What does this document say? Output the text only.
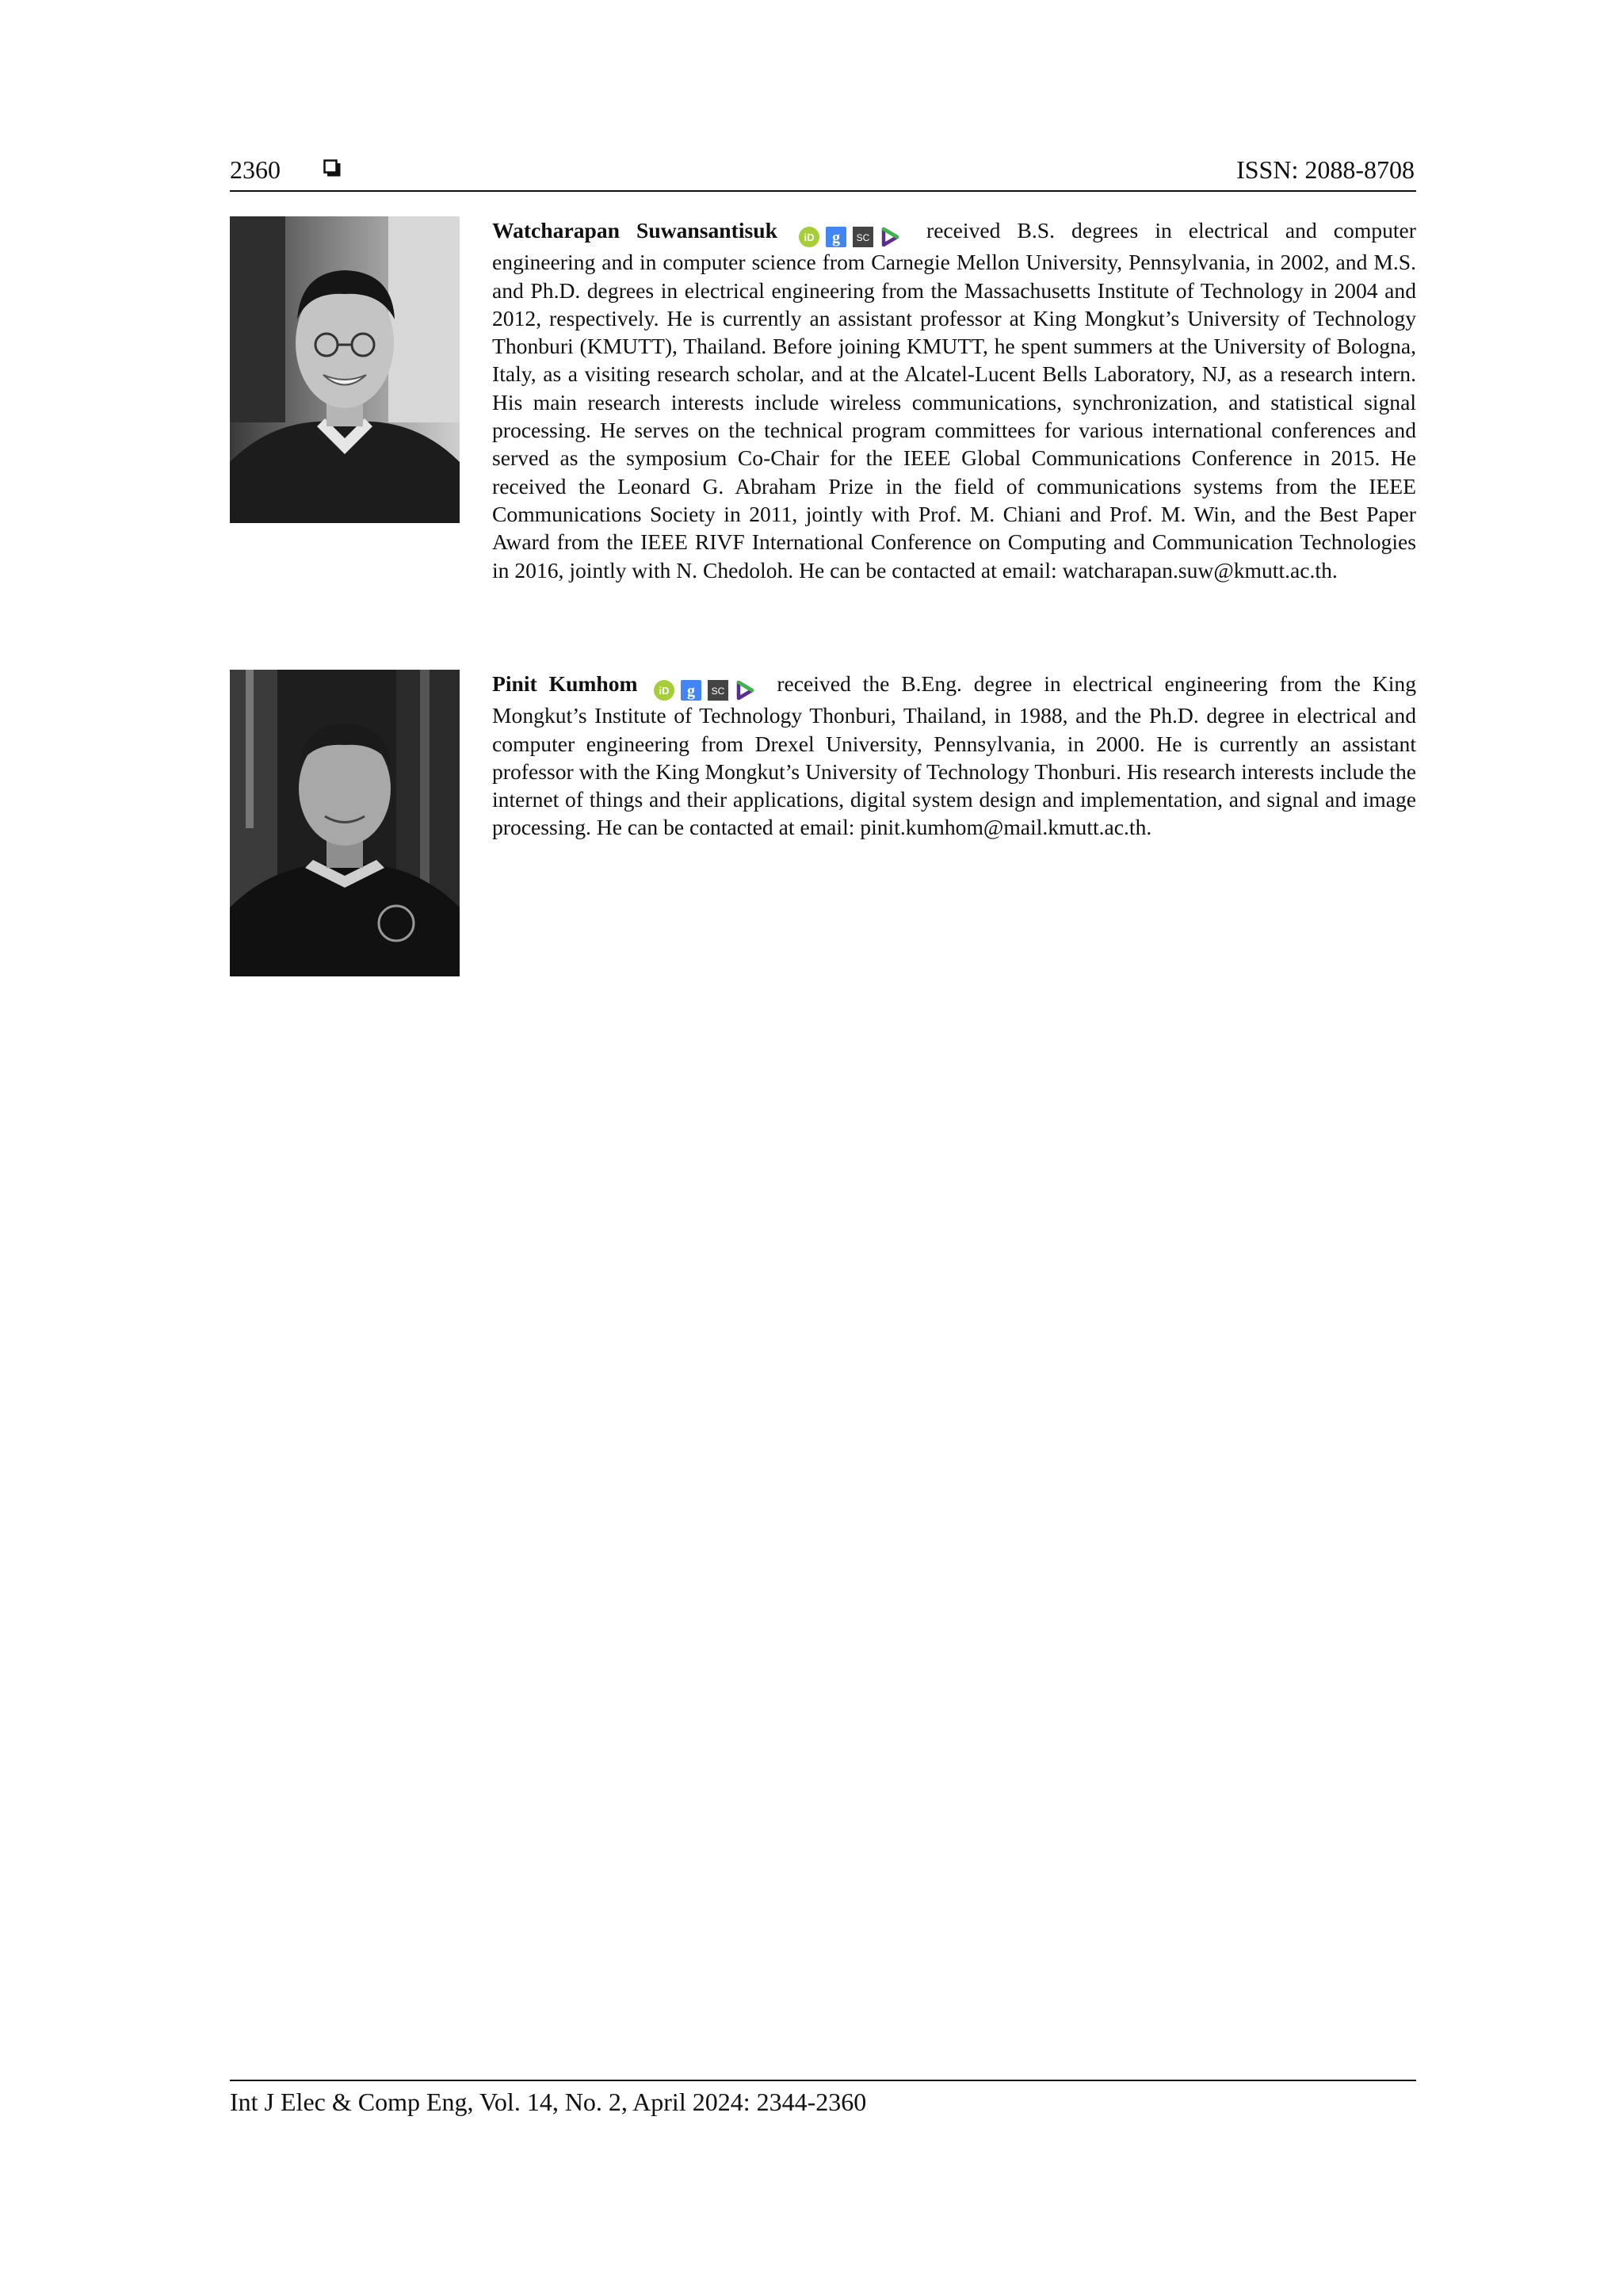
2360	ISSN: 2088-8708

Watcharapan Suwansantisuk	iD g SC	received B.S. degrees in electrical and computer engineering and in computer science from Carnegie Mellon University, Pennsylvania, in 2002, and M.S. and Ph.D. degrees in electrical engineering from the Massachusetts Institute of Technology in 2004 and 2012, respectively. He is currently an assistant professor at King Mongkut’s University of Technology Thonburi (KMUTT), Thailand. Before joining KMUTT, he spent summers at the University of Bologna, Italy, as a visiting research scholar, and at the Alcatel-Lucent Bells Laboratory, NJ, as a research intern. His main research interests include wireless communications, synchronization, and statistical signal processing. He serves on the technical program committees for various international conferences and served as the symposium Co-Chair for the IEEE Global Communications Conference in 2015. He received the Leonard G. Abraham Prize in the field of communications systems from the IEEE Communications Society in 2011, jointly with Prof. M. Chiani and Prof. M. Win, and the Best Paper Award from the IEEE RIVF International Conference on Computing and Communication Technologies in 2016, jointly with N. Chedoloh. He can be contacted at email: watcharapan.suw@kmutt.ac.th.

Pinit Kumhom iD g SC received the B.Eng. degree in electrical engineering from the King Mongkut’s Institute of Technology Thonburi, Thailand, in 1988, and the Ph.D. degree in electrical and computer engineering from Drexel University, Pennsylvania, in 2000. He is currently an assistant professor with the King Mongkut’s University of Technology Thonburi. His research interests include the internet of things and their applications, digital system design and implementation, and signal and image processing. He can be contacted at email: pinit.kumhom@mail.kmutt.ac.th.

Int J Elec & Comp Eng, Vol. 14, No. 2, April 2024: 2344-2360
